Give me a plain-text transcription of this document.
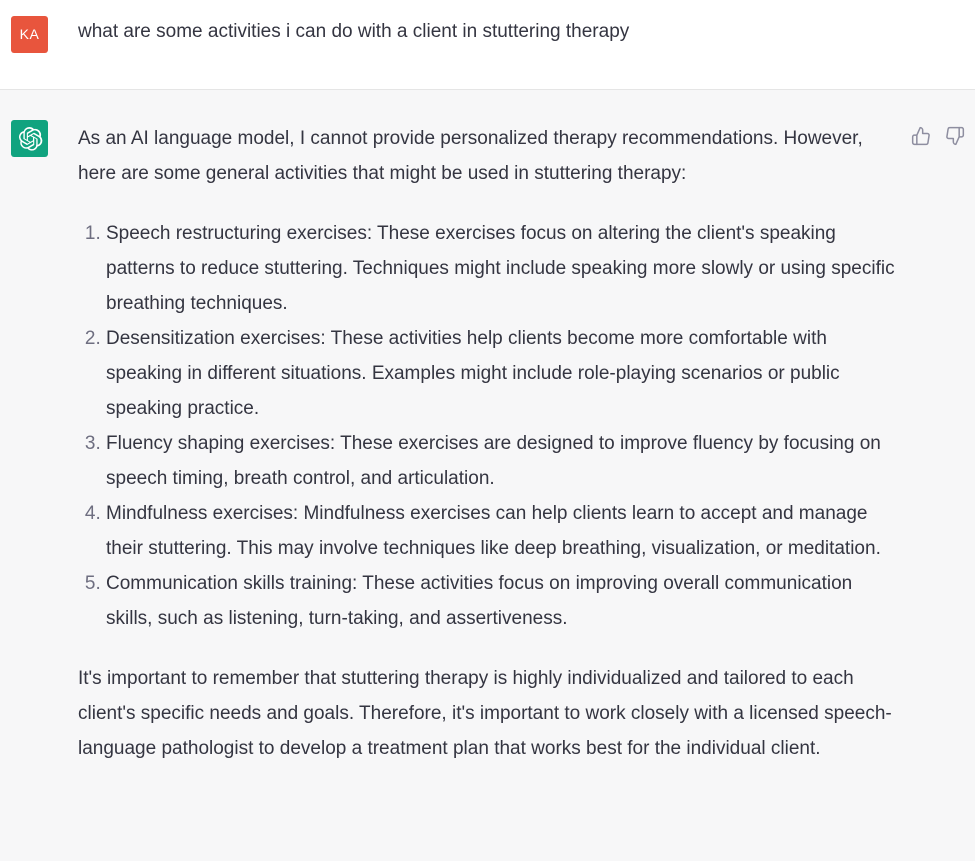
KA	what are some activities i can do with a client in stuttering therapy

As an AI language model, I cannot provide personalized therapy recommendations. However, here are some general activities that might be used in stuttering therapy:

1. Speech restructuring exercises: These exercises focus on altering the client's speaking patterns to reduce stuttering. Techniques might include speaking more slowly or using specific breathing techniques.
2. Desensitization exercises: These activities help clients become more comfortable with speaking in different situations. Examples might include role-playing scenarios or public speaking practice.
3. Fluency shaping exercises: These exercises are designed to improve fluency by focusing on speech timing, breath control, and articulation.
4. Mindfulness exercises: Mindfulness exercises can help clients learn to accept and manage their stuttering. This may involve techniques like deep breathing, visualization, or meditation.
5. Communication skills training: These activities focus on improving overall communication skills, such as listening, turn-taking, and assertiveness.

It's important to remember that stuttering therapy is highly individualized and tailored to each client's specific needs and goals. Therefore, it's important to work closely with a licensed speech-language pathologist to develop a treatment plan that works best for the individual client.
